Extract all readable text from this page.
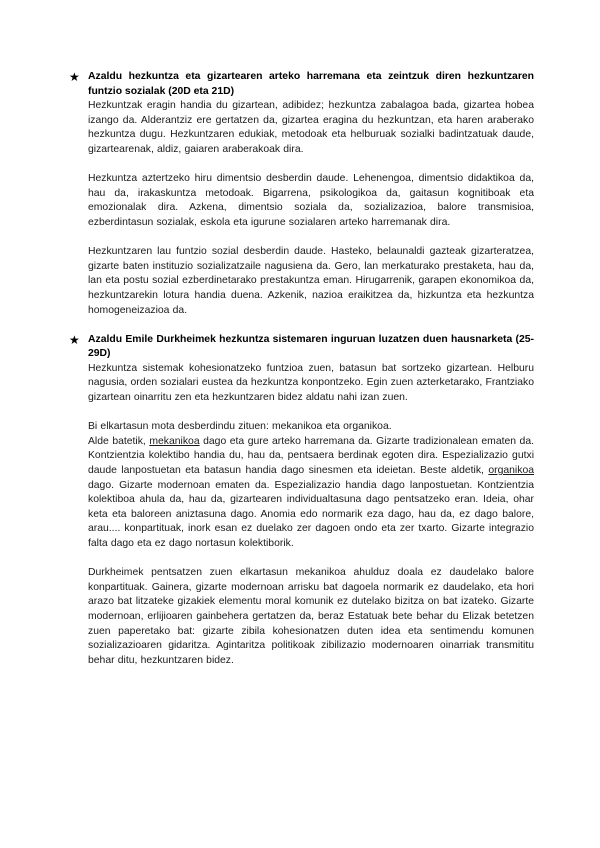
★ Azaldu hezkuntza eta gizartearen arteko harremana eta zeintzuk diren hezkuntzaren funtzio sozialak (20D eta 21D)

Hezkuntzak eragin handia du gizartean, adibidez; hezkuntza zabalagoa bada, gizartea hobea izango da. Alderantziz ere gertatzen da, gizartea eragina du hezkuntzan, eta haren araberako hezkuntza dugu. Hezkuntzaren edukiak, metodoak eta helburuak sozialki badintzatuak daude, gizartearenak, aldiz, gaiaren araberakoak dira.

Hezkuntza aztertzeko hiru dimentsio desberdin daude. Lehenengoa, dimentsio didaktikoa da, hau da, irakaskuntza metodoak. Bigarrena, psikologikoa da, gaitasun kognitiboak eta emozionalak dira. Azkena, dimentsio soziala da, sozializazioa, balore transmisioa, ezberdintasun sozialak, eskola eta igurune sozialaren arteko harremanak dira.

Hezkuntzaren lau funtzio sozial desberdin daude. Hasteko, belaunaldi gazteak gizarteratzea, gizarte baten instituzio sozializatzaile nagusiena da. Gero, lan merkaturako prestaketa, hau da, lan eta postu sozial ezberdinetarako prestakuntza eman. Hirugarrenik, garapen ekonomikoa da, hezkuntzarekin lotura handia duena. Azkenik, nazioa eraikitzea da, hizkuntza eta hezkuntza homogeneizazioa da.

★ Azaldu Emile Durkheimek hezkuntza sistemaren inguruan luzatzen duen hausnarketa (25-29D)

Hezkuntza sistemak kohesionatzeko funtzioa zuen, batasun bat sortzeko gizartean. Helburu nagusia, orden sozialari eustea da hezkuntza konpontzeko. Egin zuen azterketarako, Frantziako gizartean oinarritu zen eta hezkuntzaren bidez aldatu nahi izan zuen.

Bi elkartasun mota desberdindu zituen: mekanikoa eta organikoa.

Alde batetik, mekanikoa dago eta gure arteko harremana da. Gizarte tradizionalean ematen da. Kontzientzia kolektibo handia du, hau da, pentsaera berdinak egoten dira. Espezializazio gutxi daude lanpostuetan eta batasun handia dago sinesmen eta ideietan. Beste aldetik, organikoa dago. Gizarte modernoan ematen da. Espezializazio handia dago lanpostuetan. Kontzientzia kolektiboa ahula da, hau da, gizartearen individualtasuna dago pentsatzeko eran. Ideia, ohar keta eta baloreen aniztasuna dago. Anomia edo normarik eza dago, hau da, ez dago balore, arau.... konpartituak, inork esan ez duelako zer dagoen ondo eta zer txarto. Gizarte integrazio falta dago eta ez dago nortasun kolektiborik.

Durkheimek pentsatzen zuen elkartasun mekanikoa ahulduz doala ez daudelako balore konpartituak. Gainera, gizarte modernoan arrisku bat dagoela normarik ez daudelako, eta hori arazo bat litzateke gizakiek elementu moral komunik ez dutelako bizitza on bat izateko. Gizarte modernoan, erlijioaren gainbehera gertatzen da, beraz Estatuak bete behar du Elizak betetzen zuen paperetako bat: gizarte zibila kohesionatzen duten idea eta sentimendu komunen sozializazioaren gidaritza. Agintaritza politikoak zibilizazio modernoaren oinarriak transmititu behar ditu, hezkuntzaren bidez.
